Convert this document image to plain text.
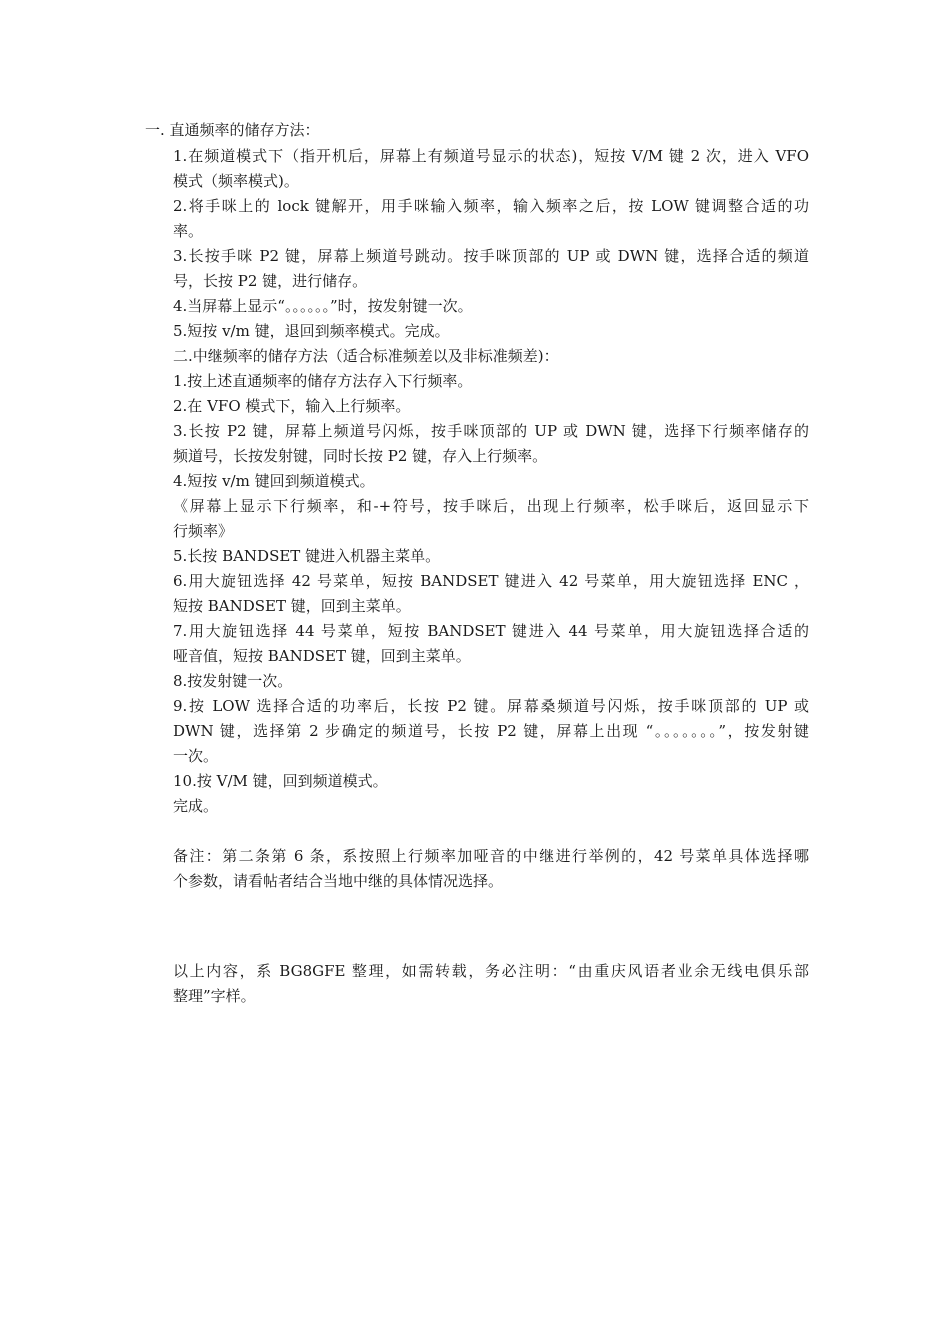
一. 直通频率的储存方法：
1.在频道模式下（指开机后，屏幕上有频道号显示的状态)，短按 V/M 键 2 次，进入 VFO
模式（频率模式)。
2.将手咪上的 lock 键解开，用手咪输入频率，输入频率之后，按 LOW 键调整合适的功
率。
3.长按手咪 P2 键，屏幕上频道号跳动。按手咪顶部的 UP 或 DWN 键，选择合适的频道
号，长按 P2 键，进行储存。
4.当屏幕上显示“。。。。。。”时，按发射键一次。
5.短按 v/m 键，退回到频率模式。完成。
二.中继频率的储存方法（适合标准频差以及非标准频差)：
1.按上述直通频率的储存方法存入下行频率。
2.在 VFO 模式下，输入上行频率。
3.长按 P2 键，屏幕上频道号闪烁，按手咪顶部的 UP 或 DWN 键，选择下行频率储存的
频道号，长按发射键，同时长按 P2 键，存入上行频率。
4.短按 v/m 键回到频道模式。
《屏幕上显示下行频率，和-+符号，按手咪后，出现上行频率，松手咪后，返回显示下
行频率》
5.长按 BANDSET 键进入机器主菜单。
6.用大旋钮选择 42 号菜单，短按 BANDSET 键进入 42 号菜单，用大旋钮选择 ENC ，
短按 BANDSET 键，回到主菜单。
7.用大旋钮选择 44 号菜单，短按 BANDSET 键进入 44 号菜单，用大旋钮选择合适的
哑音值，短按 BANDSET 键，回到主菜单。
8.按发射键一次。
9.按 LOW 选择合适的功率后，长按 P2 键。屏幕桑频道号闪烁，按手咪顶部的 UP 或
DWN 键，选择第 2 步确定的频道号，长按 P2 键，屏幕上出现 “。。。。。。。”，按发射键
一次。
10.按 V/M 键，回到频道模式。
完成。
备注：第二条第 6 条，系按照上行频率加哑音的中继进行举例的，42 号菜单具体选择哪
个参数，请看帖者结合当地中继的具体情况选择。
以上内容，系 BG8GFE 整理，如需转载，务必注明：“由重庆风语者业余无线电俱乐部
整理”字样。
